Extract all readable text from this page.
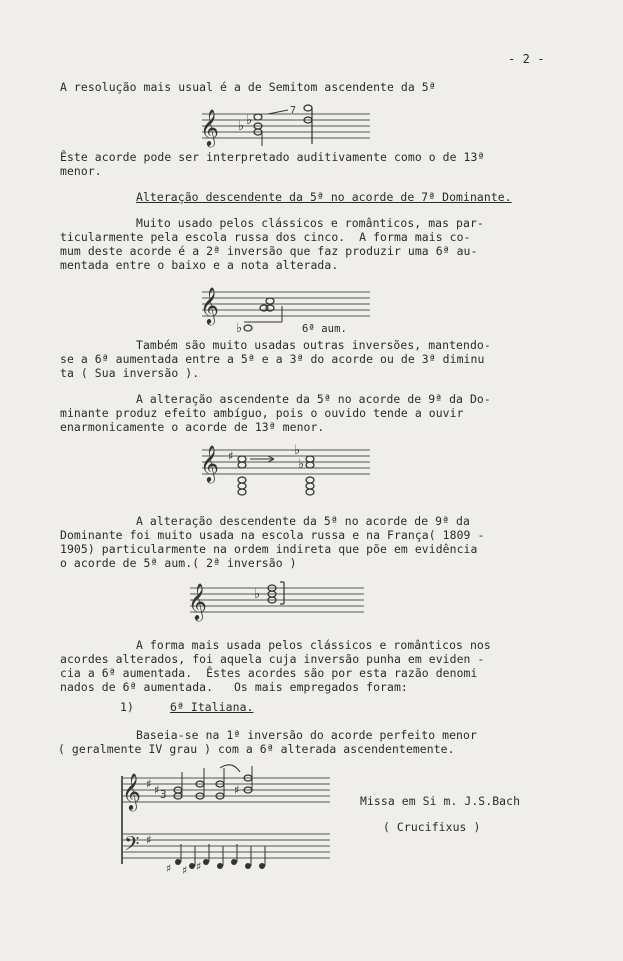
- 2 -
A resolução mais usual é a de Semitom ascendente da 5ª
𝄞 ♭ ♭
7
Êste acorde pode ser interpretado auditivamente como o de 13ª
menor.
Alteração descendente da 5ª no acorde de 7ª Dominante.
Muito usado pelos clássicos e românticos, mas par-
ticularmente pela escola russa dos cinco.  A forma mais co-
mum deste acorde é a 2ª inversão que faz produzir uma 6ª au-
mentada entre o baixo e a nota alterada.
𝄞
♭	6ª aum.
Também são muito usadas outras inversões, mantendo-
se a 6ª aumentada entre a 5ª e a 3ª do acorde ou de 3ª diminu
ta ( Sua inversão ).
A alteração ascendente da 5ª no acorde de 9ª da Do-
minante produz efeito ambíguo, pois o ouvido tende a ouvir
enarmonicamente o acorde de 13ª menor.
𝄞 ♯	♭
♭
A alteração descendente da 5ª no acorde de 9ª da
Dominante foi muito usada na escola russa e na França( 1809 -
1905) particularmente na ordem indireta que põe em evidência
o acorde de 5ª aum.( 2ª inversão )
𝄞	♭
A forma mais usada pelos clássicos e românticos nos
acordes alterados, foi aquela cuja inversão punha em eviden -
cia a 6ª aumentada.  Êstes acordes são por esta razão denomi
nados de 6ª aumentada.   Os mais empregados foram:
1)	6ª Italiana.
Baseia-se na 1ª inversão do acorde perfeito menor
( geralmente IV grau ) com a 6ª alterada ascendentemente.
𝄞
𝄢
♯ ♯ 3
♯
♯
♯ ♯ ♯
Missa em Si m. J.S.Bach
( Crucifixus )
